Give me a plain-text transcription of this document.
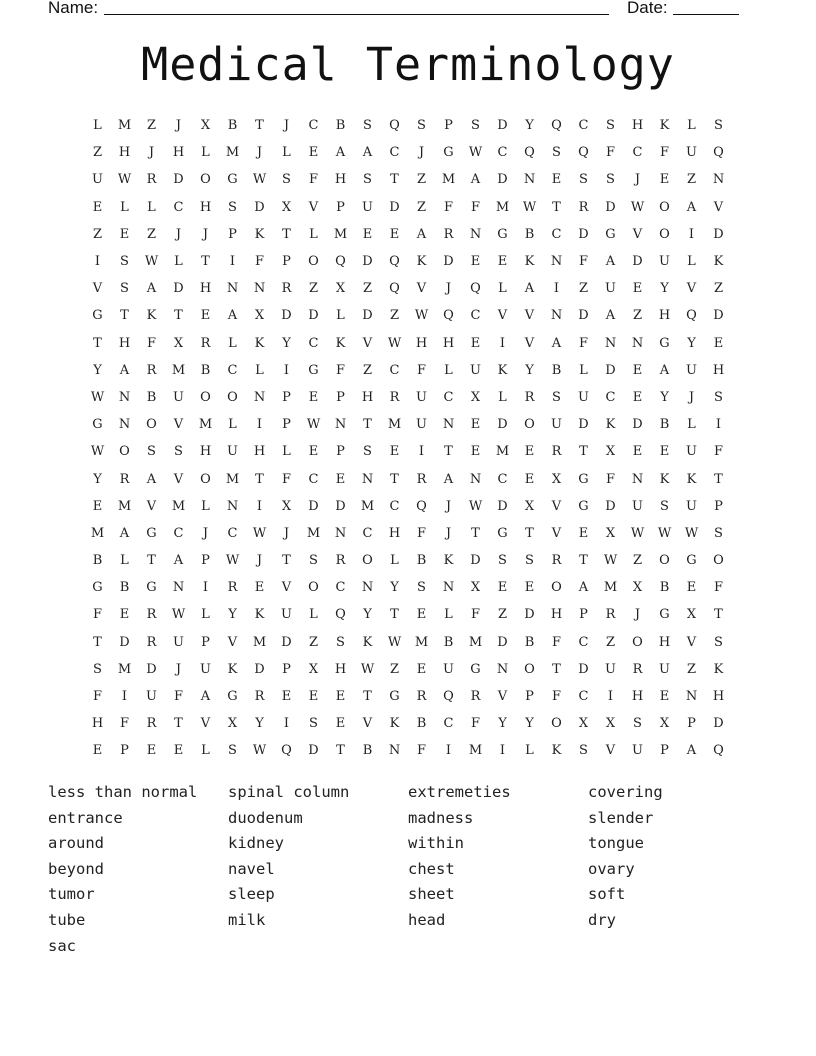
Name:	Date:
Medical Terminology
L	M	Z	J	X	B	T	J	C	B	S	Q	S	P	S	D	Y	Q	C	S	H	K	L	S
Z	H	J	H	L	M	J	L	E	A	A	C	J	G	W	C	Q	S	Q	F	C	F	U	Q
U	W	R	D	O	G	W	S	F	H	S	T	Z	M	A	D	N	E	S	S	J	E	Z	N
E	L	L	C	H	S	D	X	V	P	U	D	Z	F	F	M	W	T	R	D	W	O	A	V
Z	E	Z	J	J	P	K	T	L	M	E	E	A	R	N	G	B	C	D	G	V	O	I	D
I	S	W	L	T	I	F	P	O	Q	D	Q	K	D	E	E	K	N	F	A	D	U	L	K
V	S	A	D	H	N	N	R	Z	X	Z	Q	V	J	Q	L	A	I	Z	U	E	Y	V	Z
G	T	K	T	E	A	X	D	D	L	D	Z	W	Q	C	V	V	N	D	A	Z	H	Q	D
T	H	F	X	R	L	K	Y	C	K	V	W	H	H	E	I	V	A	F	N	N	G	Y	E
Y	A	R	M	B	C	L	I	G	F	Z	C	F	L	U	K	Y	B	L	D	E	A	U	H
W	N	B	U	O	O	N	P	E	P	H	R	U	C	X	L	R	S	U	C	E	Y	J	S
G	N	O	V	M	L	I	P	W	N	T	M	U	N	E	D	O	U	D	K	D	B	L	I
W	O	S	S	H	U	H	L	E	P	S	E	I	T	E	M	E	R	T	X	E	E	U	F
Y	R	A	V	O	M	T	F	C	E	N	T	R	A	N	C	E	X	G	F	N	K	K	T
E	M	V	M	L	N	I	X	D	D	M	C	Q	J	W	D	X	V	G	D	U	S	U	P
M	A	G	C	J	C	W	J	M	N	C	H	F	J	T	G	T	V	E	X	W	W	W	S
B	L	T	A	P	W	J	T	S	R	O	L	B	K	D	S	S	R	T	W	Z	O	G	O
G	B	G	N	I	R	E	V	O	C	N	Y	S	N	X	E	E	O	A	M	X	B	E	F
F	E	R	W	L	Y	K	U	L	Q	Y	T	E	L	F	Z	D	H	P	R	J	G	X	T
T	D	R	U	P	V	M	D	Z	S	K	W	M	B	M	D	B	F	C	Z	O	H	V	S
S	M	D	J	U	K	D	P	X	H	W	Z	E	U	G	N	O	T	D	U	R	U	Z	K
F	I	U	F	A	G	R	E	E	E	T	G	R	Q	R	V	P	F	C	I	H	E	N	H
H	F	R	T	V	X	Y	I	S	E	V	K	B	C	F	Y	Y	O	X	X	S	X	P	D
E	P	E	E	L	S	W	Q	D	T	B	N	F	I	M	I	L	K	S	V	U	P	A	Q
less than normal
entrance
around
beyond
tumor
tube
sac
spinal column
duodenum
kidney
navel
sleep
milk
extremeties
madness
within
chest
sheet
head
covering
slender
tongue
ovary
soft
dry
